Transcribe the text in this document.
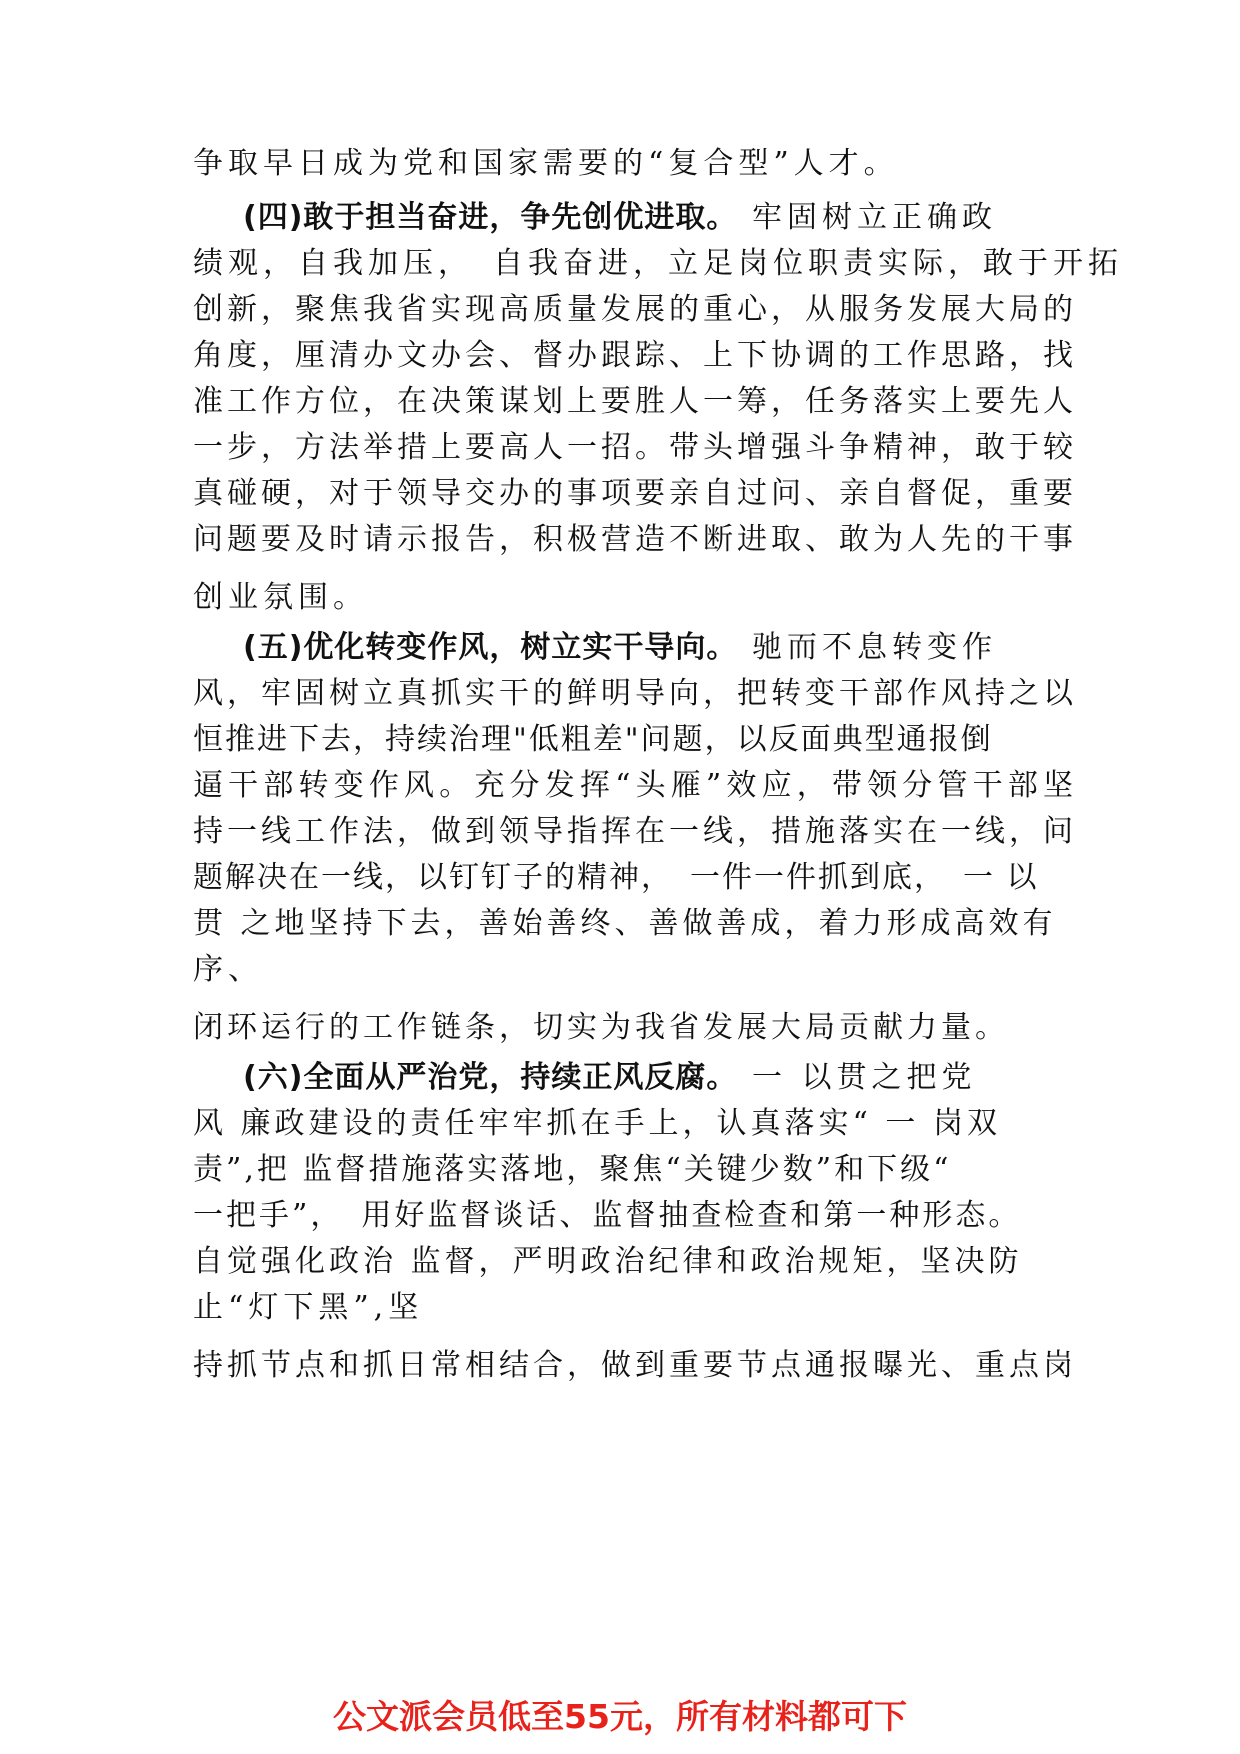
争取早日成为党和国家需要的“复合型”人才。
(四)敢于担当奋进，争先创优进取。 牢固树立正确政
绩观，自我加压，　自我奋进，立足岗位职责实际，敢于开拓
创新，聚焦我省实现高质量发展的重心，从服务发展大局的
角度，厘清办文办会、督办跟踪、上下协调的工作思路，找
准工作方位，在决策谋划上要胜人一筹，任务落实上要先人
一步，方法举措上要高人一招。带头增强斗争精神，敢于较
真碰硬，对于领导交办的事项要亲自过问、亲自督促，重要
问题要及时请示报告，积极营造不断进取、敢为人先的干事
创业氛围。
(五)优化转变作风，树立实干导向。 驰而不息转变作
风，牢固树立真抓实干的鲜明导向，把转变干部作风持之以
恒推进下去，持续治理"低粗差"问题，以反面典型通报倒
逼干部转变作风。充分发挥“头雁”效应，带领分管干部坚
持一线工作法，做到领导指挥在一线，措施落实在一线，问
题解决在一线，以钉钉子的精神，　一件一件抓到底，　一 以
贯 之地坚持下去，善始善终、善做善成，着力形成高效有
序、
闭环运行的工作链条，切实为我省发展大局贡献力量。
(六)全面从严治党，持续正风反腐。 一 以贯之把党
风 廉政建设的责任牢牢抓在手上，认真落实“ 一 岗双
责”,把 监督措施落实落地，聚焦“关键少数”和下级“
一把手”，　用好监督谈话、监督抽查检查和第一种形态。
自觉强化政治 监督，严明政治纪律和政治规矩，坚决防
止“灯下黑”,坚
持抓节点和抓日常相结合，做到重要节点通报曝光、重点岗
公文派会员低至55元，所有材料都可下
